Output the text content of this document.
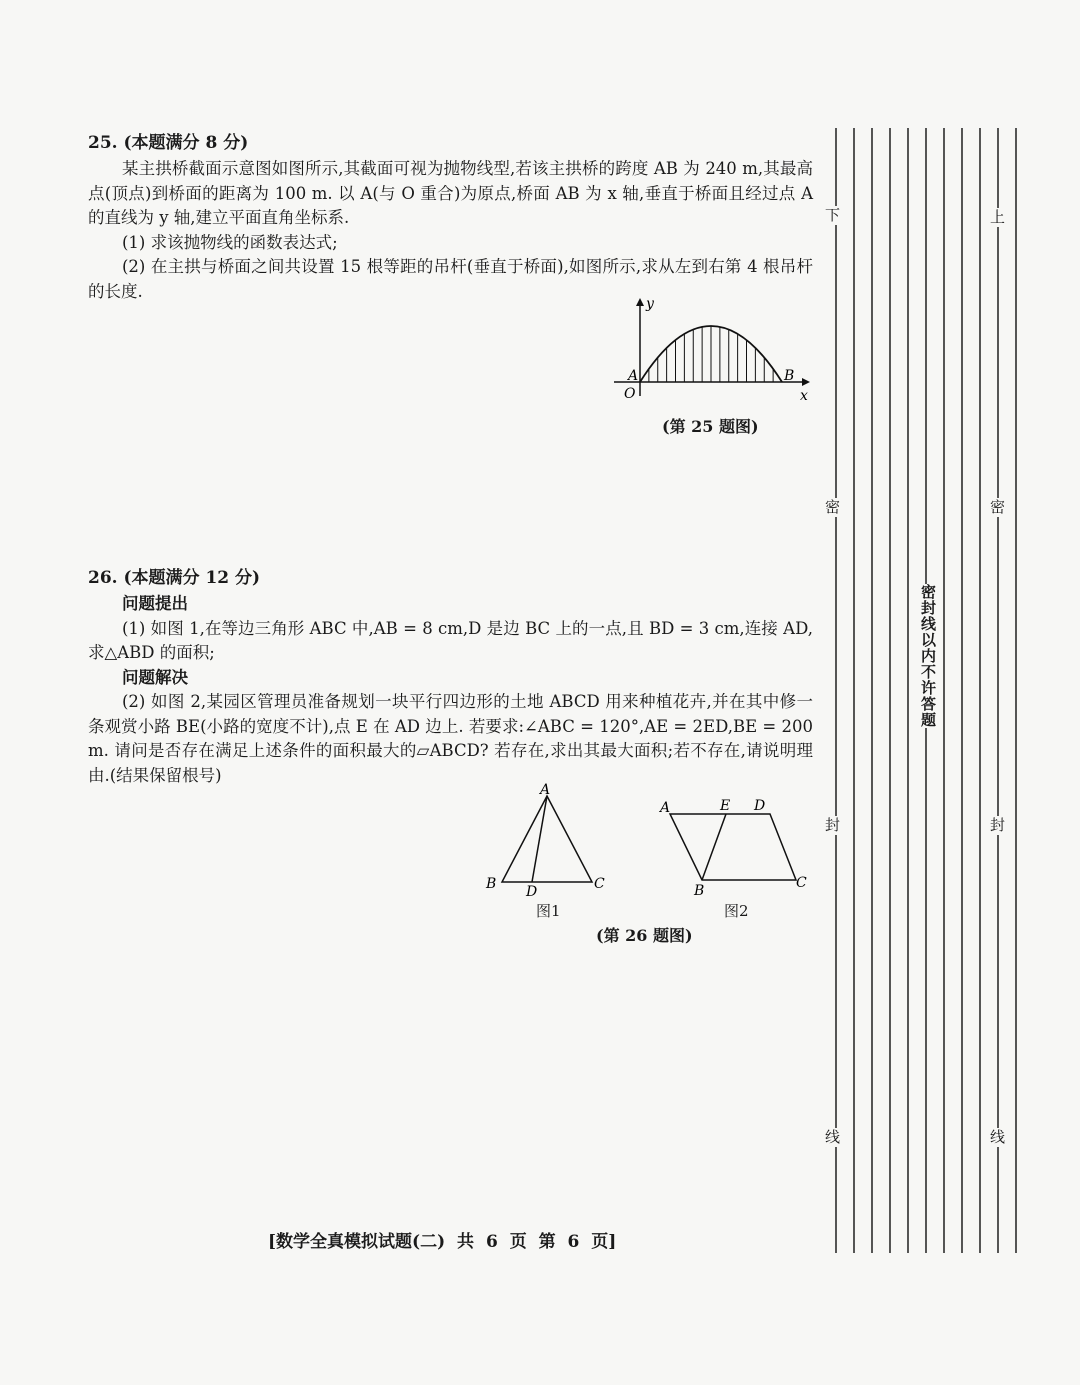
25. (本题满分 8 分)

某主拱桥截面示意图如图所示,其截面可视为抛物线型,若该主拱桥的跨度 AB 为 240 m,其最高点(顶点)到桥面的距离为 100 m. 以 A(与 O 重合)为原点,桥面 AB 为 x 轴,垂直于桥面且经过点 A 的直线为 y 轴,建立平面直角坐标系.

(1) 求该抛物线的函数表达式;

(2) 在主拱与桥面之间共设置 15 根等距的吊杆(垂直于桥面),如图所示,求从左到右第 4 根吊杆的长度.

y
x
A
O
B
(第 25 题图)

26. (本题满分 12 分)

问题提出

(1) 如图 1,在等边三角形 ABC 中,AB = 8 cm,D 是边 BC 上的一点,且 BD = 3 cm,连接 AD,求△ABD 的面积;

问题解决

(2) 如图 2,某园区管理员准备规划一块平行四边形的土地 ABCD 用来种植花卉,并在其中修一条观赏小路 BE(小路的宽度不计),点 E 在 AD 边上. 若要求:∠ABC = 120°,AE = 2ED,BE = 200 m. 请问是否存在满足上述条件的面积最大的▱ABCD? 若存在,求出其最大面积;若不存在,请说明理由.(结果保留根号)

A
B	C
D
A	E D
B	C
图1	图2
(第 26 题图)
[数学全真模拟试题(二) 共 6 页 第 6 页]
下
密
封
线
上
密
封
线
密封线以内不许答题
